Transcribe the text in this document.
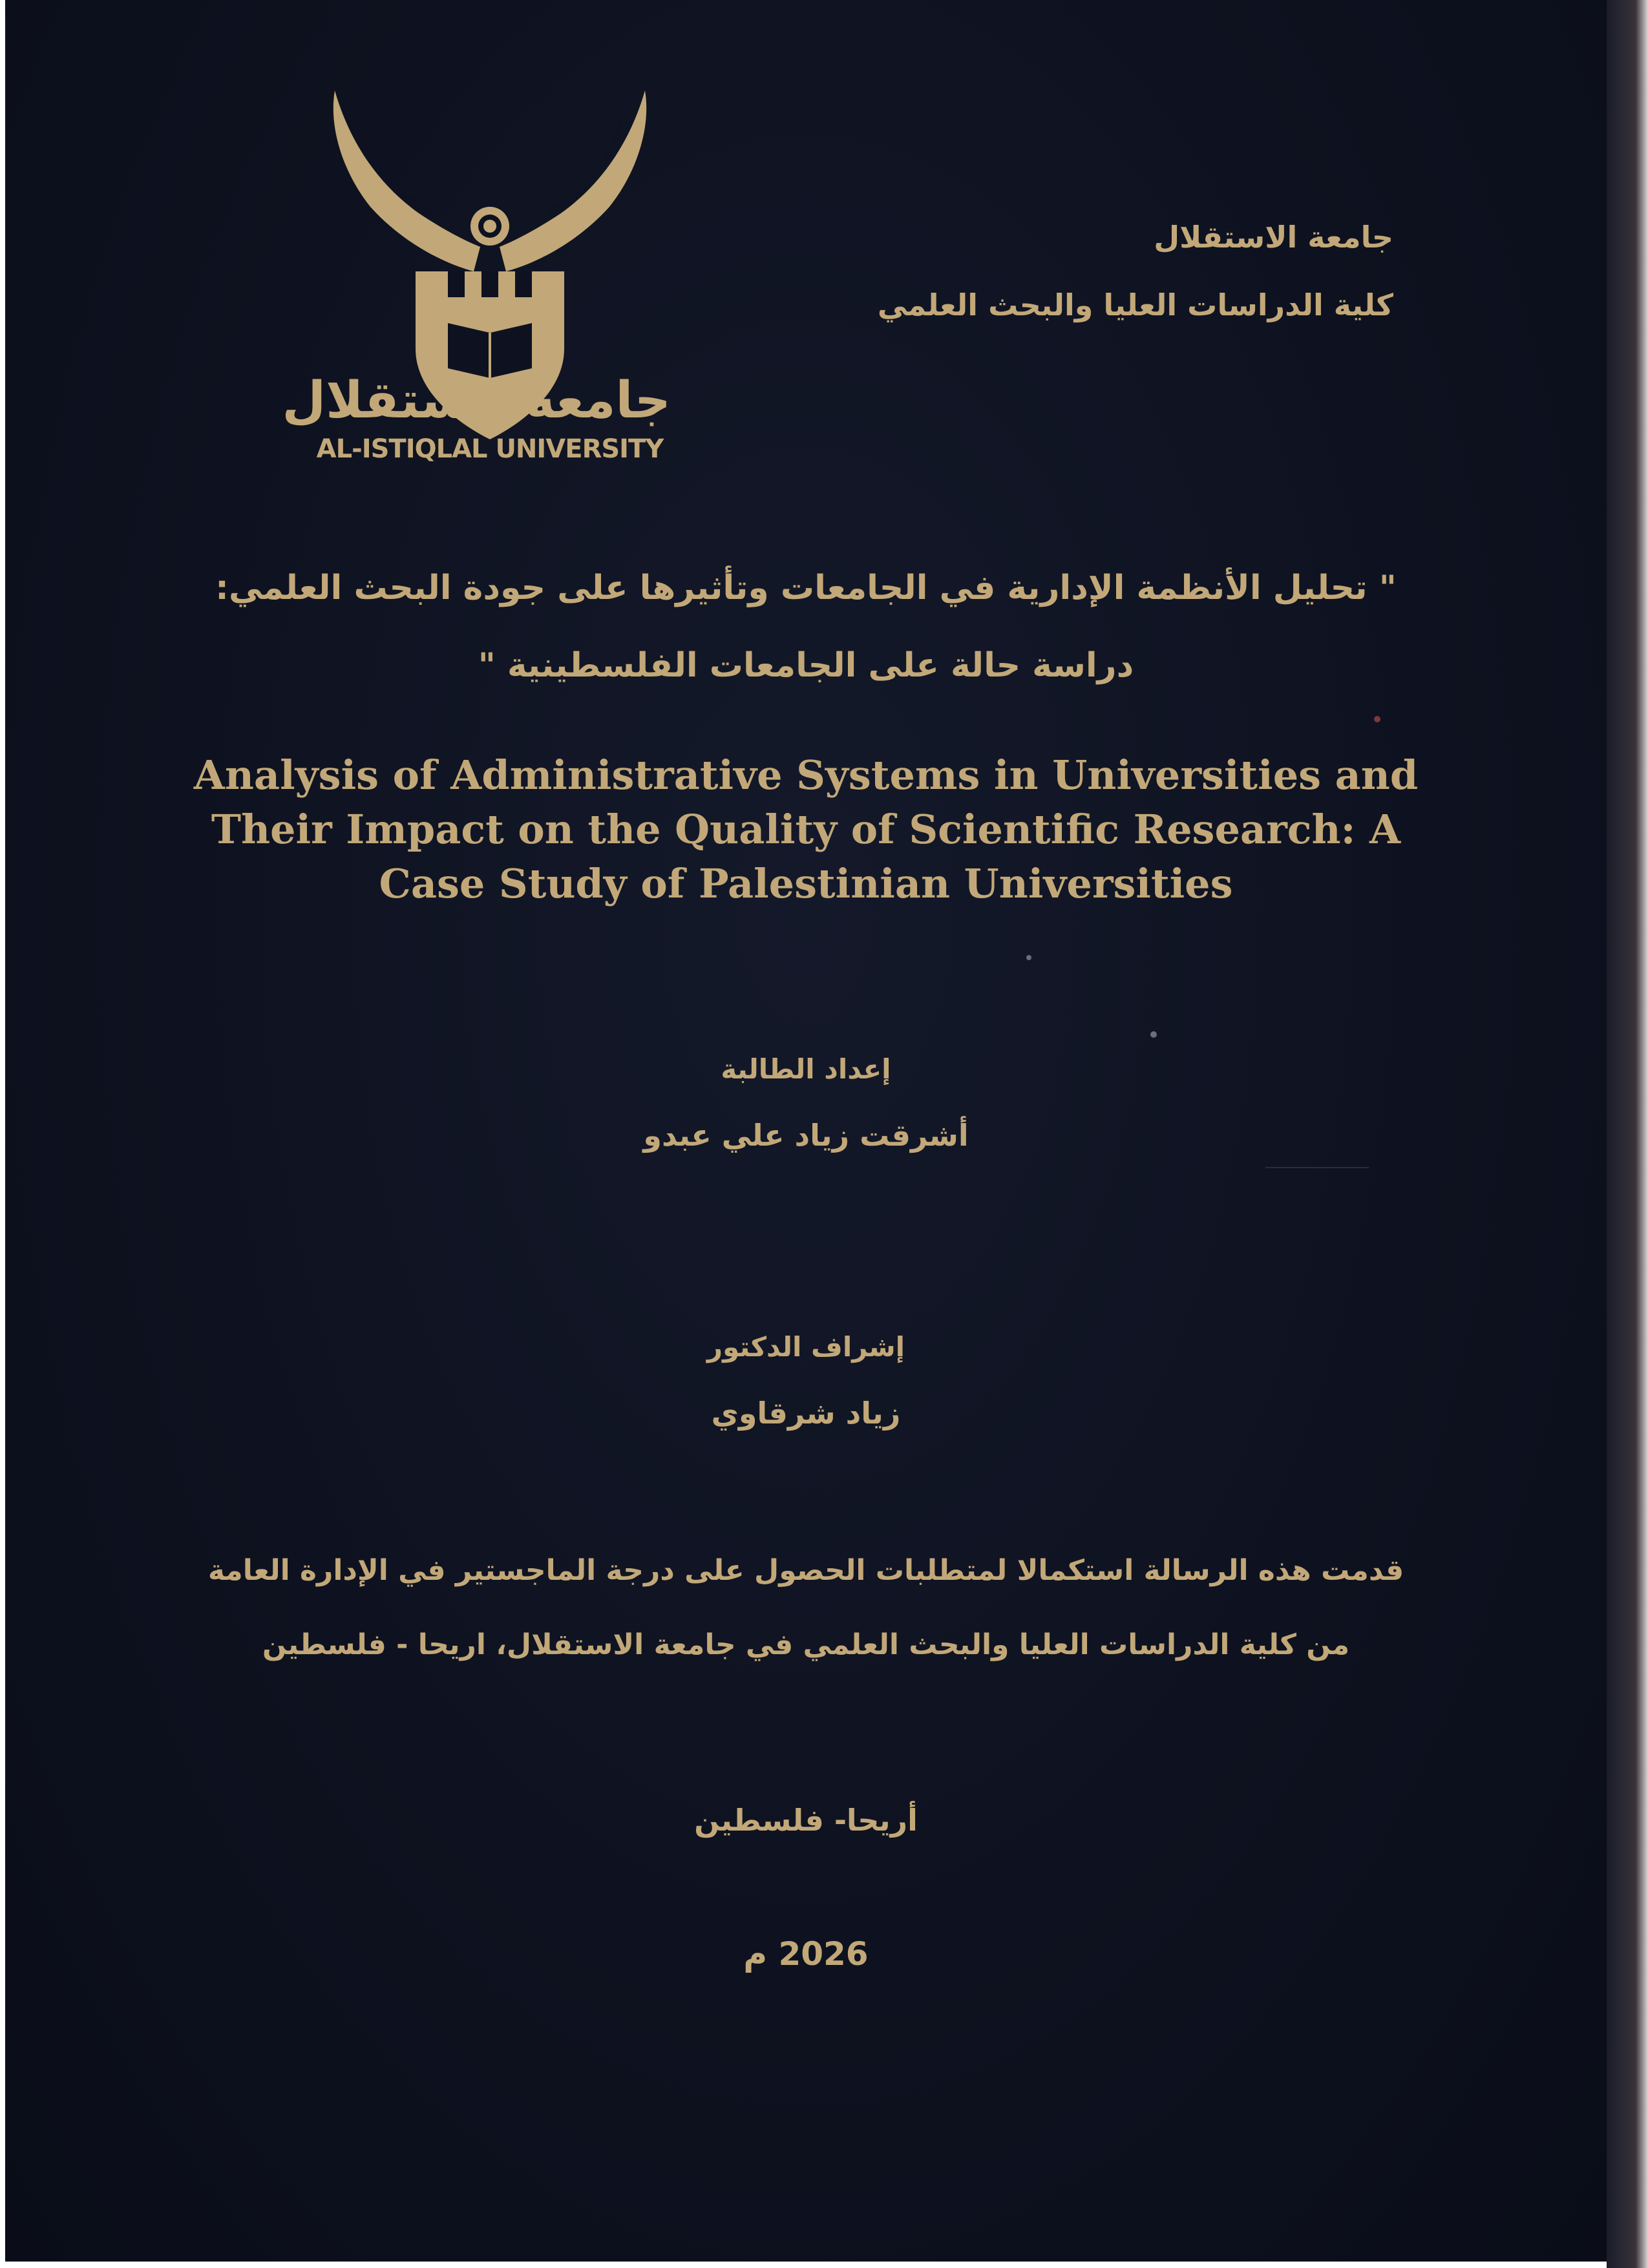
جامعةالاستقلال
AL-ISTIQLAL UNIVERSITY
جامعة الاستقلال
كلية الدراسات العليا والبحث العلمي
" تحليل الأنظمة الإدارية في الجامعات وتأثيرها على جودة البحث العلمي:
دراسة حالة على الجامعات الفلسطينية "
Analysis of Administrative Systems in Universities and
Their Impact on the Quality of Scientific Research: A
Case Study of Palestinian Universities
إعداد الطالبة
أشرقت زياد علي عبدو
إشراف الدكتور
زياد شرقاوي
قدمت هذه الرسالة استكمالا لمتطلبات الحصول على درجة الماجستير في الإدارة العامة
من كلية الدراسات العليا والبحث العلمي في جامعة الاستقلال، اريحا - فلسطين
أريحا- فلسطين
2026 م
